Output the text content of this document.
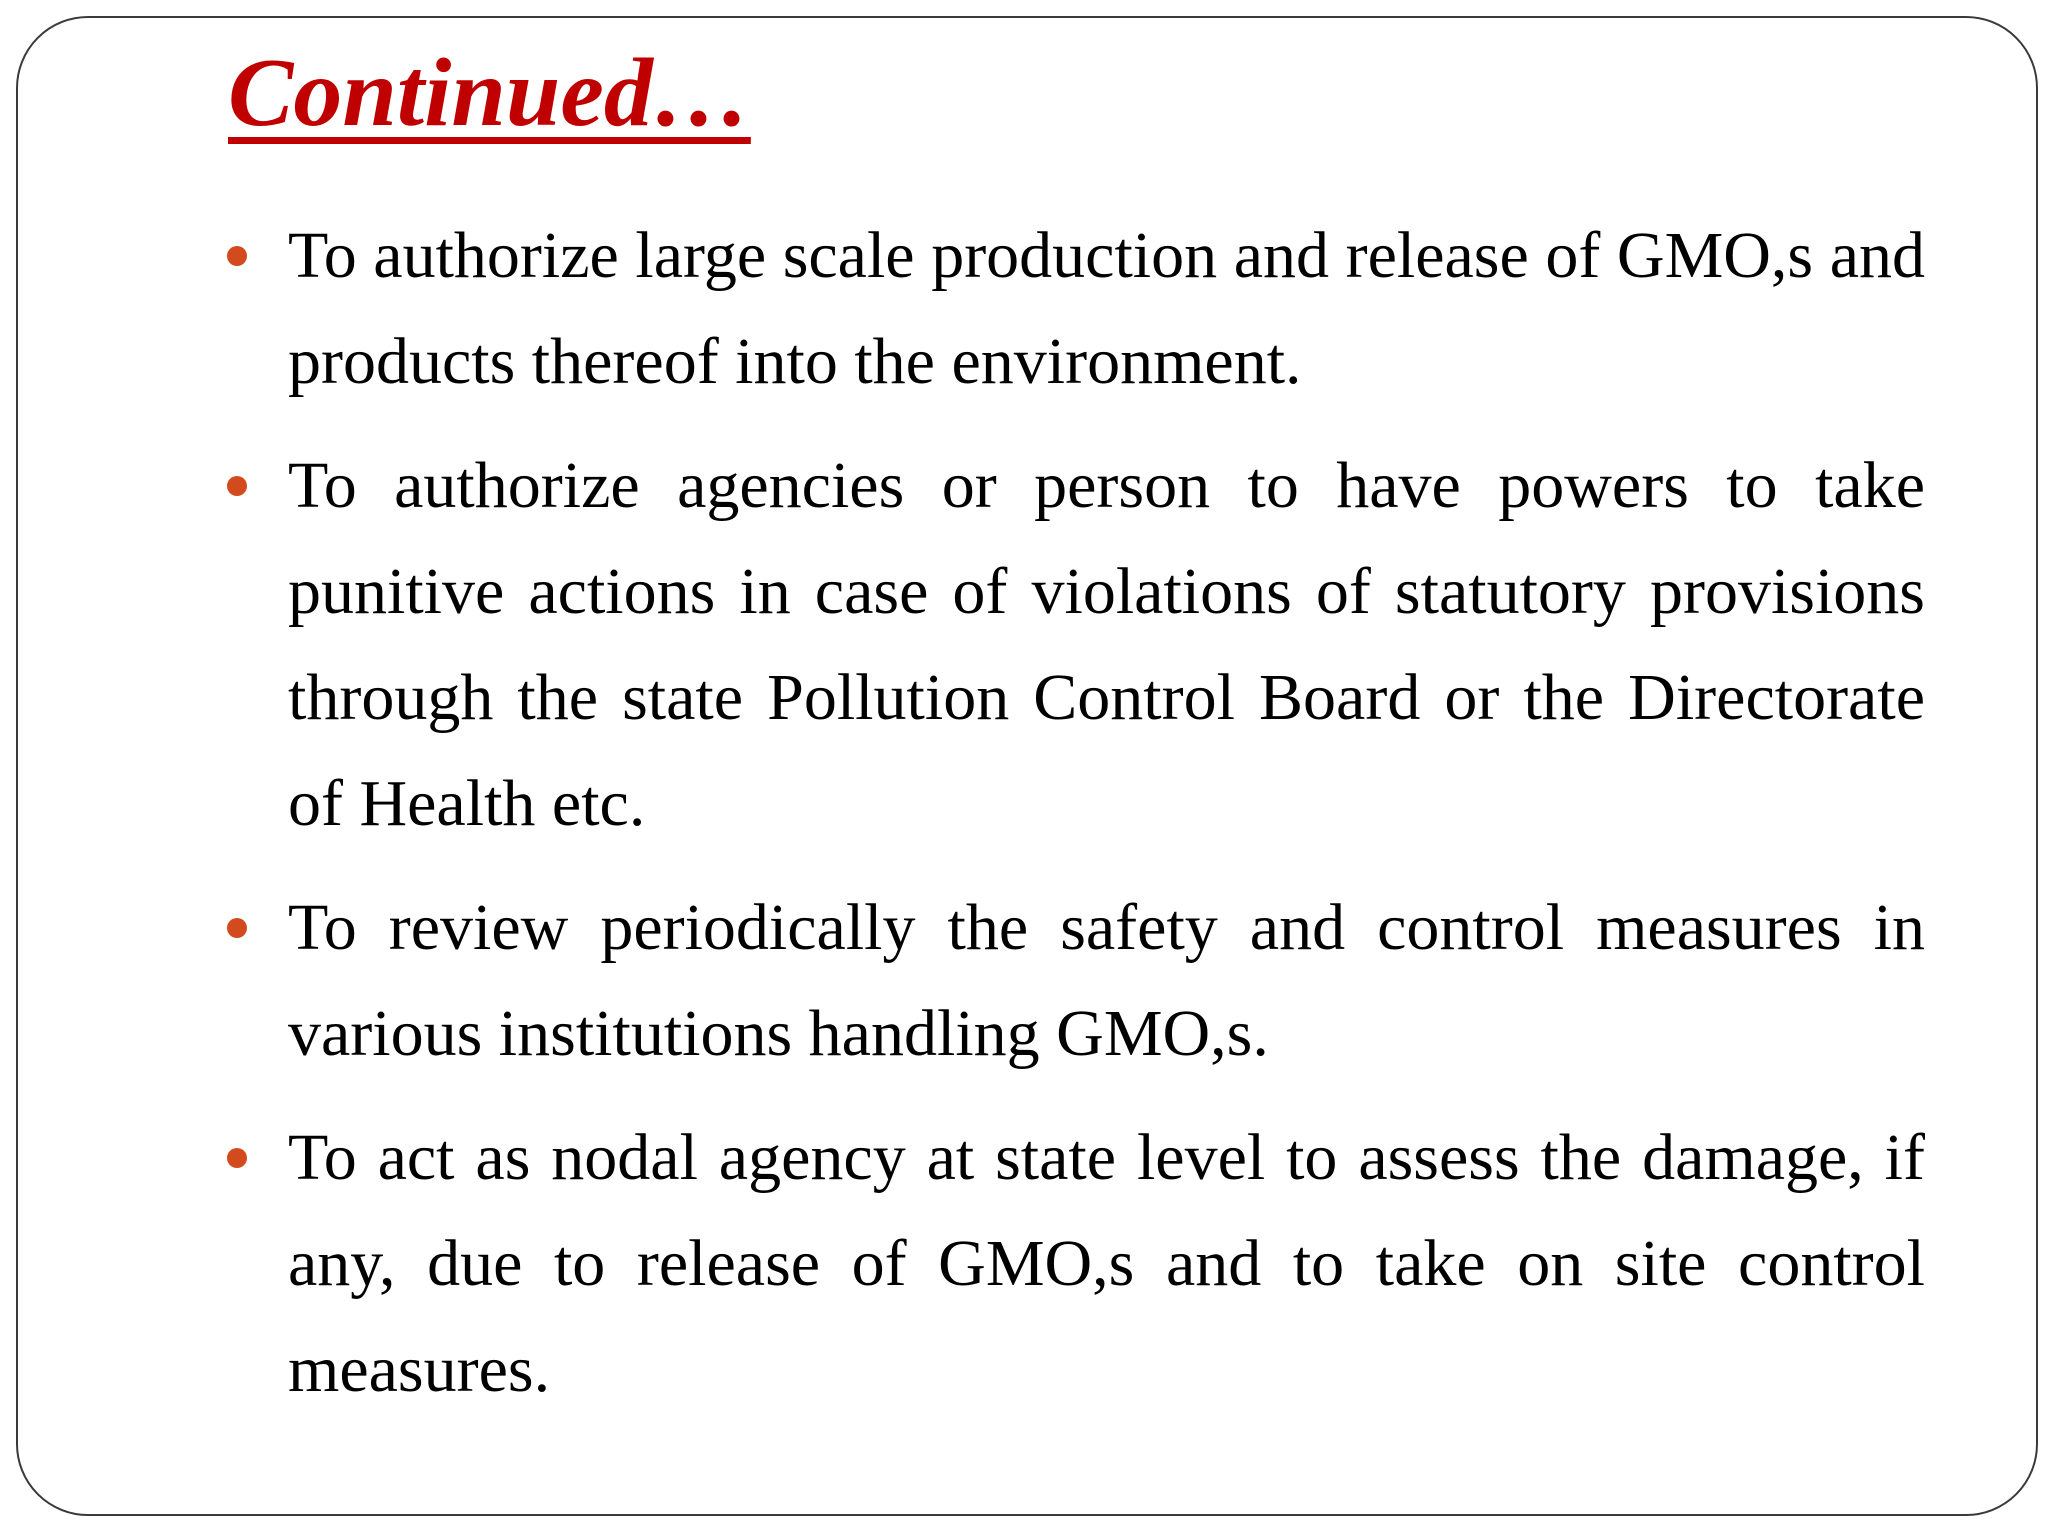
Continued…
To authorize large scale production and release of GMO,s and products thereof into the environment.
To authorize agencies or person to have powers to take punitive actions in case of violations of statutory provisions through the state Pollution Control Board or the Directorate of Health etc.
To review periodically the safety and control measures in various institutions handling GMO,s.
To act as nodal agency at state level to assess the damage, if any, due to release of GMO,s and to take on site control measures.
